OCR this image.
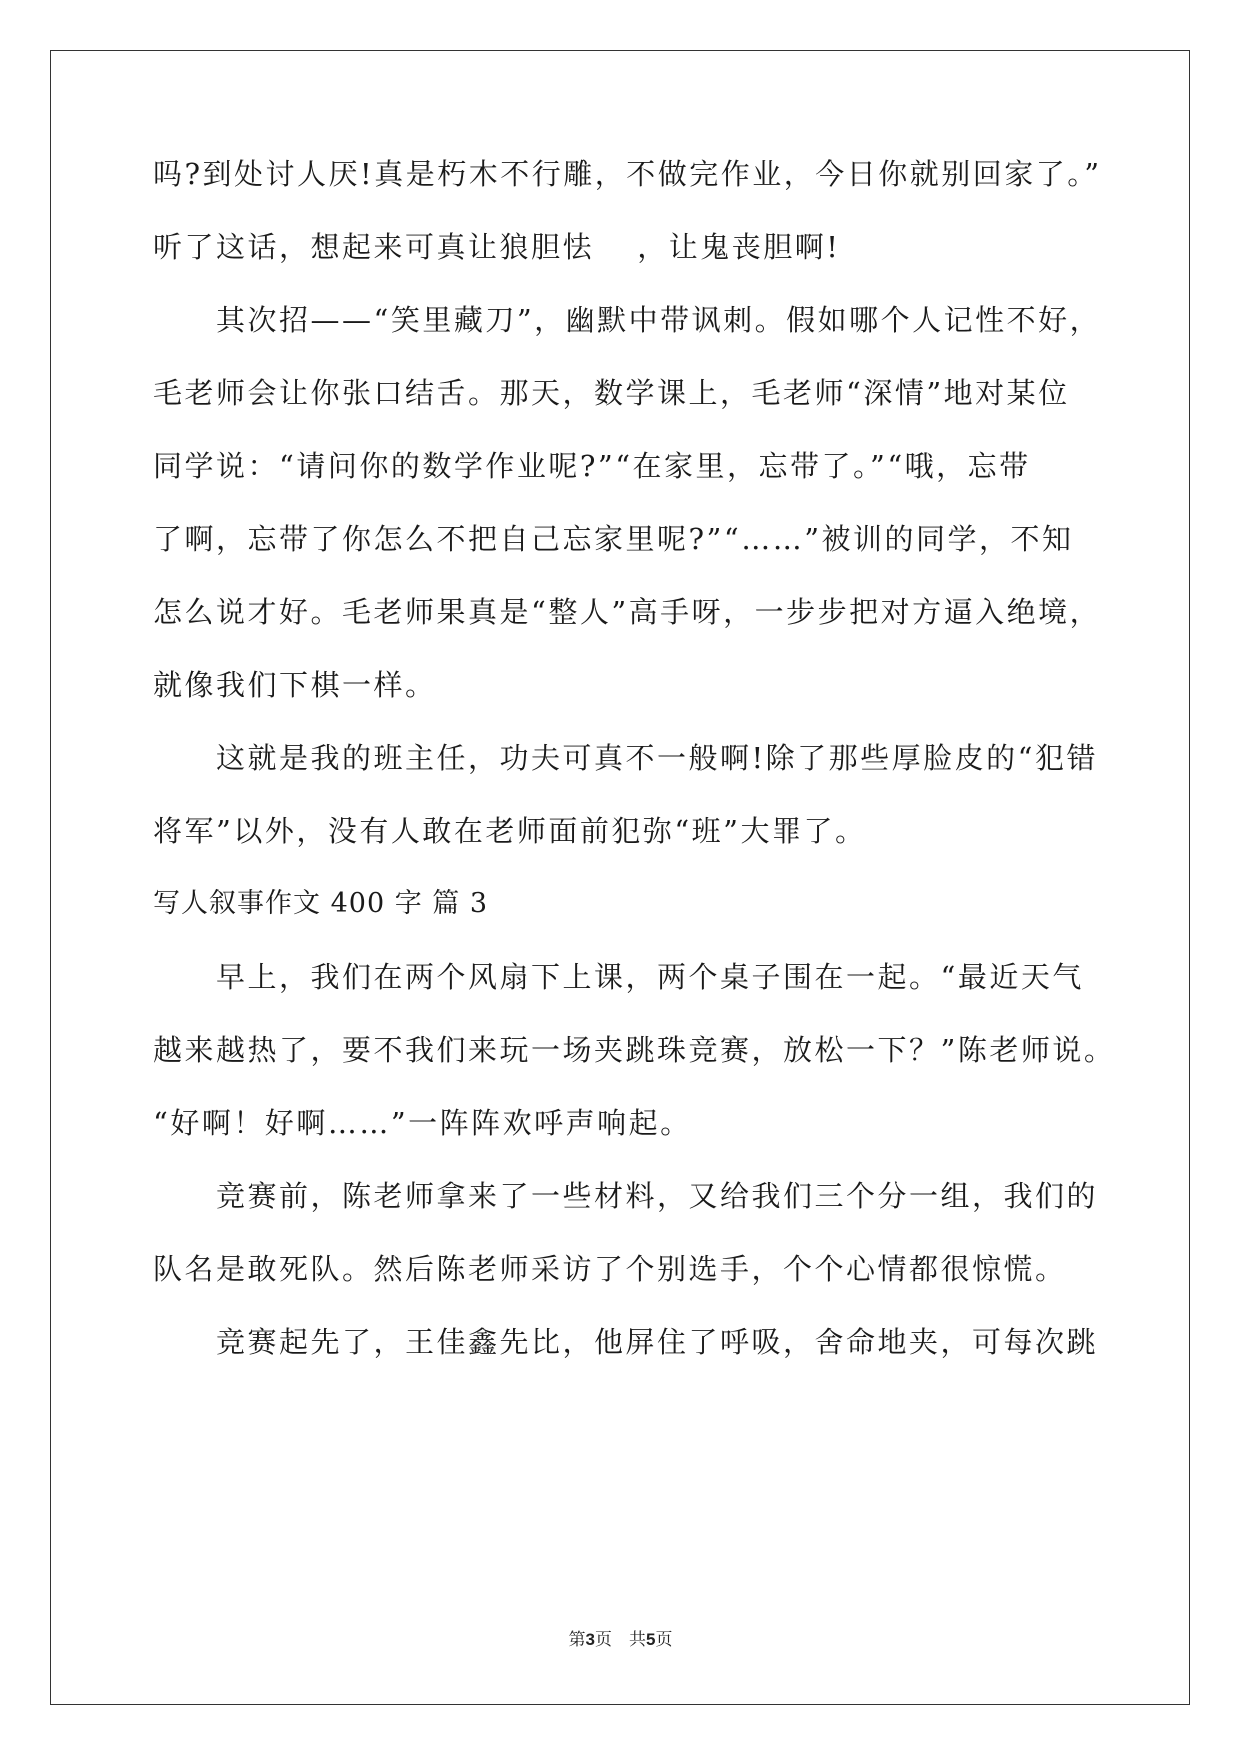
吗?到处讨人厌!真是朽木不行雕，不做完作业，今日你就别回家了。”
听了这话，想起来可真让狼胆怯　 ，让鬼丧胆啊!
其次招——“笑里藏刀”，幽默中带讽刺。假如哪个人记性不好，
毛老师会让你张口结舌。那天，数学课上，毛老师“深情”地对某位
同学说：“请问你的数学作业呢?”“在家里，忘带了。”“哦，忘带
了啊，忘带了你怎么不把自己忘家里呢?”“……”被训的同学，不知
怎么说才好。毛老师果真是“整人”高手呀，一步步把对方逼入绝境，
就像我们下棋一样。
这就是我的班主任，功夫可真不一般啊!除了那些厚脸皮的“犯错
将军”以外，没有人敢在老师面前犯弥“班”大罪了。
写人叙事作文 400 字 篇 3
早上，我们在两个风扇下上课，两个桌子围在一起。“最近天气
越来越热了，要不我们来玩一场夹跳珠竞赛，放松一下？”陈老师说。
“好啊！好啊……”一阵阵欢呼声响起。
竞赛前，陈老师拿来了一些材料，又给我们三个分一组，我们的
队名是敢死队。然后陈老师采访了个别选手，个个心情都很惊慌。
竞赛起先了，王佳鑫先比，他屏住了呼吸，舍命地夹，可每次跳
第3页　共5页
